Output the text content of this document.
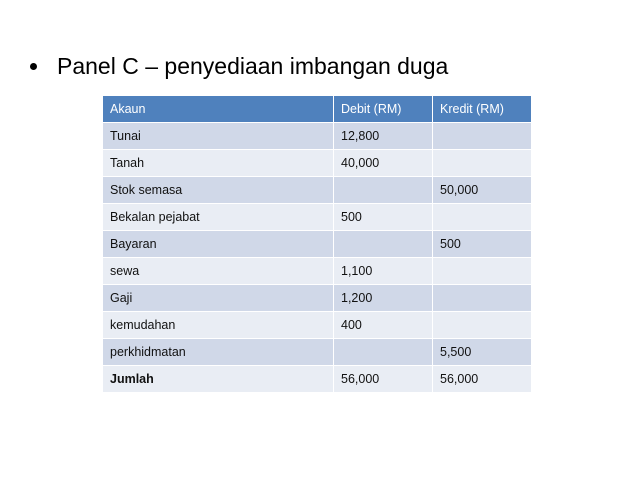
Panel C – penyediaan imbangan duga
Akaun	Debit (RM)	Kredit (RM)
Tunai	12,800	
Tanah	40,000	
Stok semasa		50,000
Bekalan pejabat	500	
Bayaran		500
sewa	1,100	
Gaji	1,200	
kemudahan	400	
perkhidmatan		5,500
Jumlah	56,000	56,000
